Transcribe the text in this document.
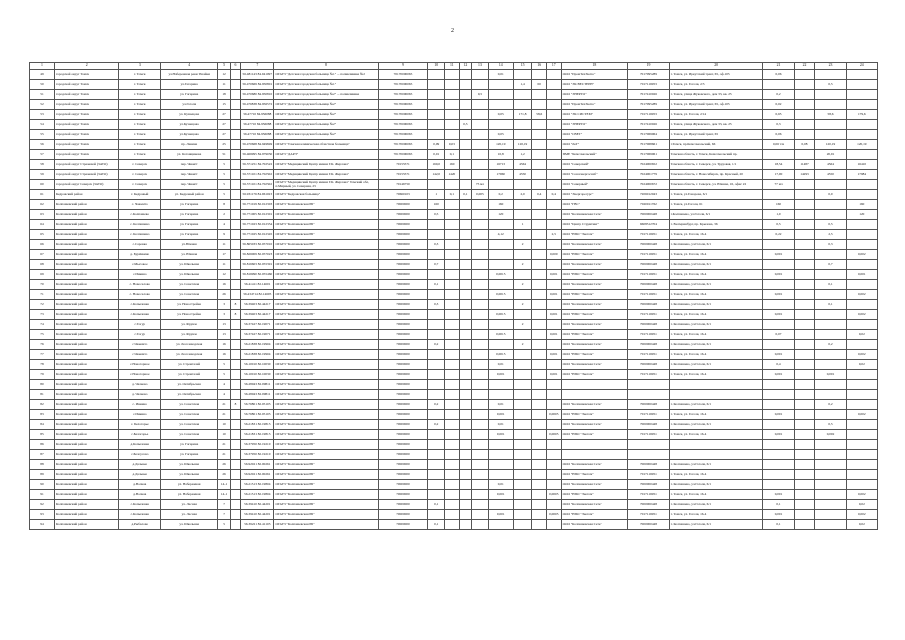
2
1	2	3	4	5	6	7	8	9	10	11	12	13	14	15	16	17	18	19	20	21	22	23	24
49	городской округ Томск	г. Томск	ул.Набережная реки Ушайки	12		56.481143 84.941097	ОГАУЗ "Детская городская больница №1" ... поликлиника №2	70170000065					0,01				ООО "ПромТехЭкспо"	7017095289	г. Томск, ул. Иркутский тракт, 65, оф.105	0,06			
50	городской округ Томск	г. Томск	ул.Гагарина	11		56.470669 84.950801	ОГАУЗ "Детская городская больница №1"	70170000065						1,4	00		ООО "ЭК ВЕСТЕРН"	7017116953	г. Томск, ул. Гоголя, 2/3			0,5	
51	городской округ Томск	г. Томск	ул. Гагарина	18		56.470680 84.950810	ОГАУЗ "Детская городская больница №2" ... поликлиника	70170000065				0,5					ООО "ЭНЕРГО"	7017410026	г. Томск, улица Жуковского, дом 33, кв. 25	0,2			
52	городской округ Томск	г. Томск	ул.Гоголя	15		56.476838 84.956572	ОГАУЗ "Детская городская больница №2"	70170000065									ООО "ПромТехЭкспо"	7017095289	г. Томск, ул. Иркутский тракт, 65, оф.105	0,02			
53	городской округ Томск	г. Томск	ул. Кузнецова	27		56.47710 84.956088	ОГАУЗ "Детская городская больница №2"	70170000065					0,05	171,8	58,6		ООО "ЭК СИСТЕМ"	7017116953	г. Томск, ул. Гоголя, 2/14	0,65		58,6	179,6
54	городской округ Томск	г. Томск	ул.Кузнецова	27		56.47710 84.956088	ОГАУЗ "Детская городская больница №2"	70170000065			0,3						ООО "ЭНЕРГО"	7017410026	г. Томск, улица Жуковского, дом 33, кв. 25	0,3			
55	городской округ Томск	г. Томск	ул.Кузнецова	27		56.47710 84.956088	ОГАУЗ "Детская городская больница №2"	70170000065					0,05				ООО "СВЕТ"	7017069064	г. Томск, ул. Иркутский тракт, 65	0,06			
56	городской округ Томск	г. Томск	пр. Ленина	25		56.470668 84.949849	ОГАУЗ "Томская клиническая областная больница"	70170000065	0,09	0,03			120,19	120,19			ООО "ЛеГ"	7017068661	г.Томск, пр.Комсомольский, 66	0,06 т/и	0,08	120,19	120,19
57	городской округ Томск	г. Томск	ул. Котовщикова	51		56.466995 84.979030	ОГАУЗ "ДАРЭ"	70170000065	0,01	0,1			10,8	1,2			ПМЕ "Комсомольский"	7017069061	Томская область, г. Томск, Комсомольский пр.			20,91	
58	городской округ Стрежевой (ЗАТО)	г. Северск	пер. Чекист	5		56.371251 84.702522	ОГАУЗ "Медицинский Центр имени Г.К. Жерлова"	70155571	160,0	160			16713	4564			ООО "Северский"	7024000652	Томская область, г. Северск, ул. Трудовая, 1/1	18,54	11487	4564	16410
59	городской округ Стрежевой (ЗАТО)	г. Северск	пер. Чекист	5		56.371101 84.702502	ОГАУЗ "Медицинский Центр имени Г.К. Жерлова"	70155571	142,0	1420			17960	4550			ООО "Союзэнергоснаб"	7024001779	Томская область, г. Новосибирск, пр. Красный, 20	17,00	14293	4550	17984
60	городской округ Северск (ЗАТО)	г. Северск	пер. Чекист	5		56.371101 84.702502	ОГАУЗ "Медицинский Центр имени Г.К. Жерлова" Томский обл, п.Мирный, ул. Северная, 23	70146750				75 мл					ООО "Северный"	7024000672	Томская область, г. Северск, ул. Южная, 16, офис 22	77 мл			
61	Кедровский район	г. Кедровый	ул. Кедровый район	5		56.931176 84.961023	ОГАУЗ "Кедровская больница"	70660103	1	0,1	0,1	0,005	0,2	2,0	0,4	0,4	ООО "Энергоресурс"	7206012043	г. Томск, ул.Говорова, 6/1			0,0	
62	Колпашевский район	с. Чажемто	ул. Гагарина	8		56.771019 82.012303	ОГАУЗ "Колпашевская РБ"	70000000	160				160				ООО "ГВС"	7020011762	г. Томск, ул.Гоголя, 61	160			160
63	Колпашевский район	с.Колпашево	ул. Гагарина	2		56.771005 82.012301	ОГАУЗ "Колпашевская РБ"	70000000	0,5				120				ООО "Колпашевская Сеть"	7000000448	г.Колпашево, ул.Гоголя, 6/1	1,0			120
64	Колпашевский район	с. Колпашево	ул. Гагарина	4		56.771023 82.012334	ОГАУЗ "Колпашевская РБ"	70000000						1			ООО "Центр Струмтинг"	6608312704	г. Екатеринбург, пр. Крылова, 36	0,5		0,5	
65	Колпашевский район	с. Колпашево	ул. Гагарина	9		56.771025 82.012345	ОГАУЗ "Колпашевская РБ"	70000000					4,12			2,5	ООО "НПО "Экотом"	7017116951	г. Томск, ул. Гоголя, 16-4	0,22		2,5	
66	Колпашевский район	с.Саровка	ул.Южная	11		56.865033 82.057010	ОГАУЗ "Колпашевская РБ"	70000000	0,3					2			ООО "Колпашевская Сеть"	7000000448	г. Колпашево, ул.Гоголя, 6/1			0,3	
67	Колпашевский район	д. Бурёнкино	ул. Южная	17		56.826009 82.057023	ОГАУЗ "Колпашевская РБ"	70000000								0,000	ООО "НПО "Экотом"	7017116951	г. Томск, ул. Гоголя, 16-4	0,001			0,002
68	Колпашевский район	с.Мысовое	ул. Школьная	11		56.816603 82.055391	ОГАУЗ "Колпашевская РБ"	70000000	0,7					2			ООО "Колпашевская Сеть"	7000000448	г. Колпашево, ул.Гоголя, 6/1			0,7	
69	Колпашевский район	с.Инкино	ул. Школьная	12		56.816990 82.055460	ОГАУЗ "Колпашевская РБ"	70000000					0,0015			0,001	ООО "НПО "Экотом"	7017116951	г. Томск, ул. Гоголя, 16-4	0,001			0,001
70	Колпашевский район	с. Новоселово	ул. Советская	16		56.41411 82.14601	ОГАУЗ "Колпашевская РБ"	70000000	0,1					2			ООО "Колпашевская Сеть"	7000000448	г. Колпашево, ул.Гоголя, 6/1			0,1	
71	Колпашевский район	с. Новоселово	ул. Советская	26		56.434714 82.14605	ОГАУЗ "Колпашевская РБ"	70000000					0,0015			0,001	ООО "НПО "Экотом"	7017116951	г. Томск, ул. Гоголя, 16-4	0,001			0,002
72	Колпашевский район	с.Копыловка	ул. Новостройка	3	8	56.39403 82.44217	ОГАУЗ "Колпашевская РБ"	70000000	0,3					2			ООО "Колпашевская Сеть"	7000000448	г. Колпашево, ул.Гоголя, 6/1			0,1	
73	Колпашевский район	с.Копыловка	ул. Новостройка	3	8	56.39403 82.44217	ОГАУЗ "Колпашевская РБ"	70000000					0,0015			0,001	ООО "НПО "Экотом"	7017116951	г. Томск, ул. Гоголя, 16-4	0,001			0,002
74	Колпашевский район	с.Тогур	ул. Фрунзе	13		56.37427 82.19071	ОГАУЗ "Колпашевская РБ"	70000000						2			ООО "Колпашевская Сеть"	7000000448	г. Колпашево, ул.Гоголя, 6/1				
75	Колпашевский район	с.Тогур	ул. Фрунзе	13		56.37427 82.19071	ОГАУЗ "Колпашевская РБ"	70000000					0,0015			0,001	ООО "НПО "Экотом"	7017116951	г. Томск, ул. Гоголя, 16-4	0,07			0,02
76	Колпашевский район	с.Чажемто	ул. Лесозаводская	16		56.21838 82.19904	ОГАУЗ "Колпашевская РБ"	70000000	0,2					2			ООО "Колпашевская Сеть"	7000000448	г. Колпашево, ул.Гоголя, 6/1			0,2	
77	Колпашевский район	с.Чажемто	ул. Лесозаводская	16		56.21838 82.19904	ОГАУЗ "Колпашевская РБ"	70000000					0,0015			0,001	ООО "НПО "Экотом"	7017116951	г. Томск, ул. Гоголя, 16-4	0,001			0,002
78	Колпашевский район	с.Новогорное	ул. Строителей	5		56.10010 82.10030	ОГАУЗ "Колпашевская РБ"	70000000					0,01				ООО "Колпашевская Сеть"	7000000448	г. Колпашево, ул.Гоголя, 6/1	0,4			0,02
79	Колпашевский район	с.Новогорное	ул. Строителей	5		56.10010 82.10030	ОГАУЗ "Колпашевская РБ"	70000000					0,001			0,001	ООО "НПО "Экотом"	7017116951	г. Томск, ул. Гоголя, 16-4	0,001		0,001	
80	Колпашевский район	д. Чалково	ул. Октябрьская	4		56.28043 82.09811	ОГАУЗ "Колпашевская РБ"	70000000															
81	Колпашевский район	д. Чалково	ул. Октябрьская	4		56.28043 82.09811	ОГАУЗ "Колпашевская РБ"	70000000															
82	Колпашевский район	с. Инкино	ул. Советская	21	8	56.76801 82.05103	ОГАУЗ "Колпашевская РБ"	70000000	0,2				0,01				ООО "Колпашевская Сеть"	7000000448	г. Колпашево, ул.Гоголя, 6/1			0,2	
83	Колпашевский район	с.Инкино	ул. Советская	21		56.76801 82.05103	ОГАУЗ "Колпашевская РБ"	70000000					0,001			0,0005	ООО "НПО "Экотом"	7017116951	г. Томск, ул. Гоголя, 16-4	0,001			0,002
84	Колпашевский район	с. Белогорье	ул. Советская	10		56.21831 82.19813	ОГАУЗ "Колпашевская РБ"	70000000	0,2				0,01				ООО "Колпашевская Сеть"	7000000448	г. Колпашево, ул.Гоголя, 6/1			0,5	
85	Колпашевский район	с.Белогорье	ул. Советская	10		56.21831 82.19813	ОГАУЗ "Колпашевская РБ"	70000000					0,001			0,0005	ООО "НПО "Экотом"	7017116951	г. Томск, ул. Гоголя, 16-4	0,001		0,002	
86	Колпашевский район	д.Копыловка	ул. Гагарина	21		56.37950 82.19210	ОГАУЗ "Колпашевская РБ"	70000000															
87	Колпашевский район	с.Белоусово	ул. Гагарина	21		56.37950 82.19210	ОГАУЗ "Колпашевская РБ"	70000000															
88	Колпашевский район	д.Дальнее	ул. Школьная	26		56.92021 82.00261	ОГАУЗ "Колпашевская РБ"	70000000									ООО "Колпашевская Сеть"	7000000448	г. Колпашево, ул.Гоголя, 6/1				
89	Колпашевский район	д.Дальнее	ул. Школьная	26		56.92021 82.00261	ОГАУЗ "Колпашевская РБ"	70000000									ООО "НПО "Экотом"	7017116951	г. Томск, ул. Гоголя, 16-4				
90	Колпашевский район	д.Волков	ул. Набережная	14-1		56.21513 82.19804	ОГАУЗ "Колпашевская РБ"	70000000					0,01				ООО "Колпашевская Сеть"	7000000448	г. Колпашево, ул.Гоголя, 6/1				
91	Колпашевский район	д.Волков	ул. Набережная	14-1		56.21513 82.19804	ОГАУЗ "Колпашевская РБ"	70000000					0,001			0,0005	ООО "НПО "Экотом"	7017116951	г. Томск, ул. Гоголя, 16-4	0,001			0,002
92	Колпашевский район	с.Копыловка	ул. Лесная	7		56.39410 82.44201	ОГАУЗ "Колпашевская РБ"	70000000	0,1								ООО "Колпашевская Сеть"	7000000448	г. Колпашево, ул.Гоголя, 6/1	0,1			0,02
93	Колпашевский район	с.Копыловка	ул. Лесная	7		56.39410 82.44201	ОГАУЗ "Колпашевская РБ"	70000000					0,001			0,0005	ООО "НПО "Экотом"	7017116951	г. Томск, ул. Гоголя, 16-4	0,001			0,002
94	Колпашевский район	д.Рыбалово	ул. Школьная	5		56.39221 82.41103	ОГАУЗ "Колпашевская РБ"	70000000	0,1								ООО "Колпашевская Сеть"	7000000448	г. Колпашево, ул.Гоголя, 6/1	0,1			0,02
